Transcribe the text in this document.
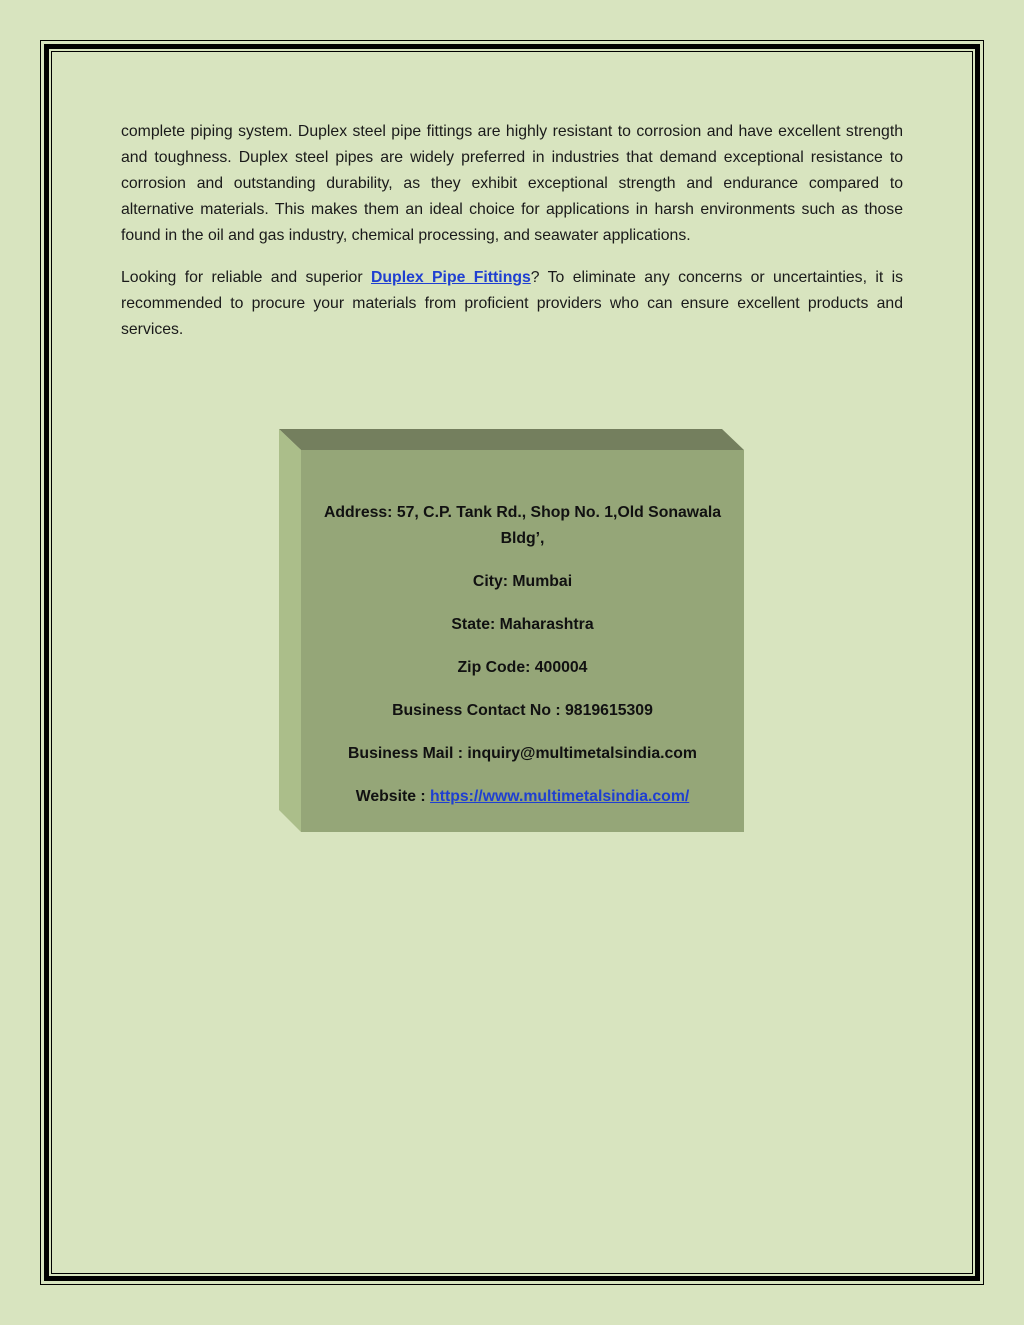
complete piping system. Duplex steel pipe fittings are highly resistant to corrosion and have excellent strength and toughness. Duplex steel pipes are widely preferred in industries that demand exceptional resistance to corrosion and outstanding durability, as they exhibit exceptional strength and endurance compared to alternative materials. This makes them an ideal choice for applications in harsh environments such as those found in the oil and gas industry, chemical processing, and seawater applications.

Looking for reliable and superior Duplex Pipe Fittings? To eliminate any concerns or uncertainties, it is recommended to procure your materials from proficient providers who can ensure excellent products and services.

Address: 57, C.P. Tank Rd., Shop No. 1,Old Sonawala Bldg’,
City: Mumbai
State: Maharashtra
Zip Code: 400004
Business Contact No : 9819615309
Business Mail : inquiry@multimetalsindia.com
Website : https://www.multimetalsindia.com/
